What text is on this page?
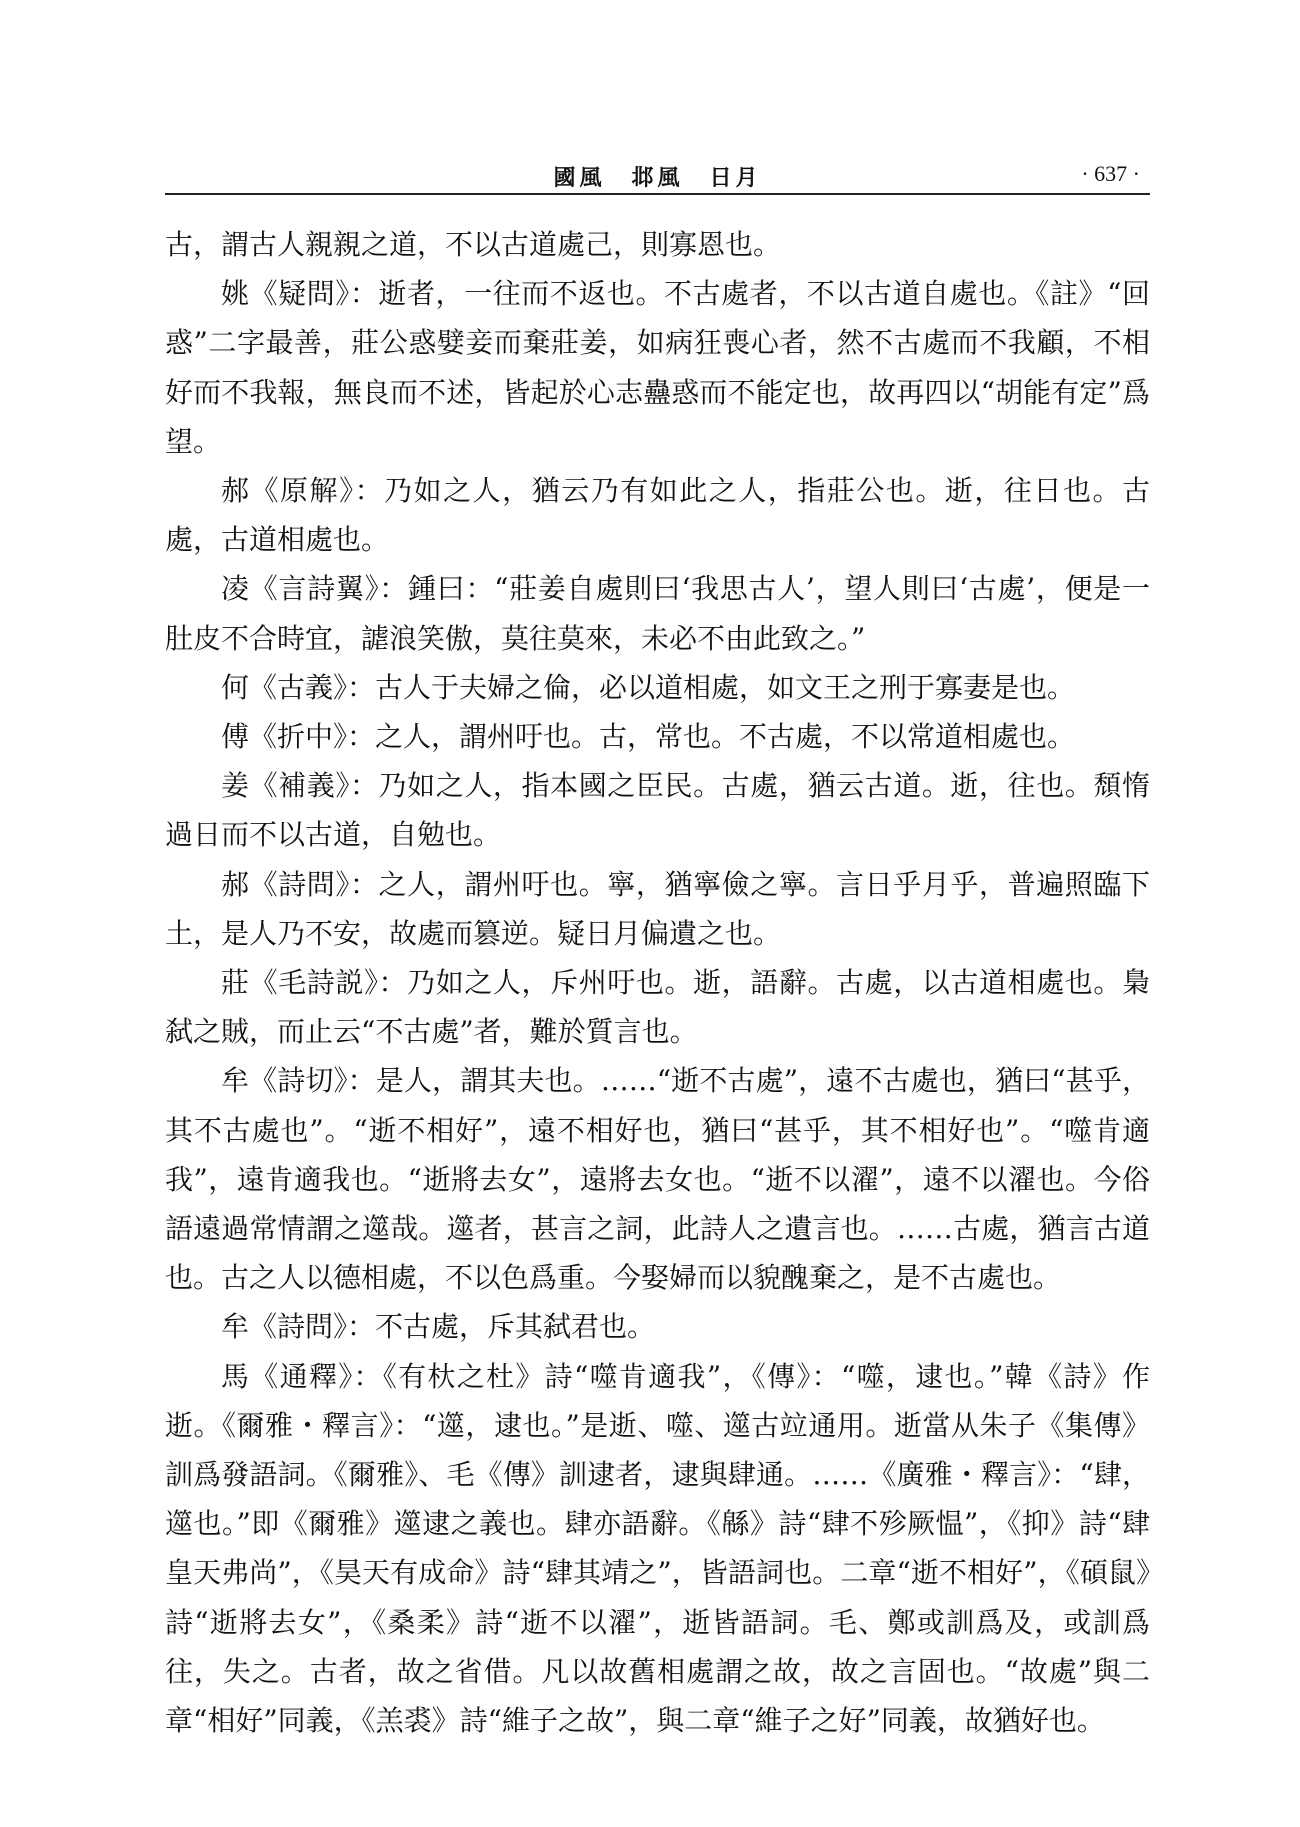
國風　邶風　日月	· 637 ·

古，謂古人親親之道，不以古道處己，則寡恩也。

姚《疑問》：逝者，一往而不返也。不古處者，不以古道自處也。《註》“回惑”二字最善，莊公惑嬖妾而棄莊姜，如病狂喪心者，然不古處而不我顧，不相好而不我報，無良而不述，皆起於心志蠱惑而不能定也，故再四以“胡能有定”爲望。

郝《原解》：乃如之人，猶云乃有如此之人，指莊公也。逝，往日也。古處，古道相處也。

凌《言詩翼》：鍾曰：“莊姜自處則曰‘我思古人’，望人則曰‘古處’，便是一肚皮不合時宜，謔浪笑傲，莫往莫來，未必不由此致之。”

何《古義》：古人于夫婦之倫，必以道相處，如文王之刑于寡妻是也。

傅《折中》：之人，謂州吁也。古，常也。不古處，不以常道相處也。

姜《補義》：乃如之人，指本國之臣民。古處，猶云古道。逝，往也。頹惰過日而不以古道，自勉也。

郝《詩問》：之人，謂州吁也。寧，猶寧儉之寧。言日乎月乎，普遍照臨下土，是人乃不安，故處而篡逆。疑日月偏遺之也。

莊《毛詩説》：乃如之人，斥州吁也。逝，語辭。古處，以古道相處也。梟弑之賊，而止云“不古處”者，難於質言也。

牟《詩切》：是人，謂其夫也。……“逝不古處”，遠不古處也，猶曰“甚乎，其不古處也”。“逝不相好”，遠不相好也，猶曰“甚乎，其不相好也”。“噬肯適我”，遠肯適我也。“逝將去女”，遠將去女也。“逝不以濯”，遠不以濯也。今俗語遠過常情謂之遾哉。遾者，甚言之詞，此詩人之遺言也。……古處，猶言古道也。古之人以德相處，不以色爲重。今娶婦而以貌醜棄之，是不古處也。

牟《詩問》：不古處，斥其弑君也。

馬《通釋》：《有杕之杜》詩“噬肯適我”，《傳》：“噬，逮也。”韓《詩》作逝。《爾雅・釋言》：“遾，逮也。”是逝、噬、遾古竝通用。逝當从朱子《集傳》訓爲發語詞。《爾雅》、毛《傳》訓逮者，逮與肆通。……《廣雅・釋言》：“肆，遾也。”即《爾雅》遾逮之義也。肆亦語辭。《緜》詩“肆不殄厥愠”，《抑》詩“肆皇天弗尚”，《昊天有成命》詩“肆其靖之”，皆語詞也。二章“逝不相好”，《碩鼠》詩“逝將去女”，《桑柔》詩“逝不以濯”，逝皆語詞。毛、鄭或訓爲及，或訓爲往，失之。古者，故之省借。凡以故舊相處謂之故，故之言固也。“故處”與二章“相好”同義，《羔裘》詩“維子之故”，與二章“維子之好”同義，故猶好也。
